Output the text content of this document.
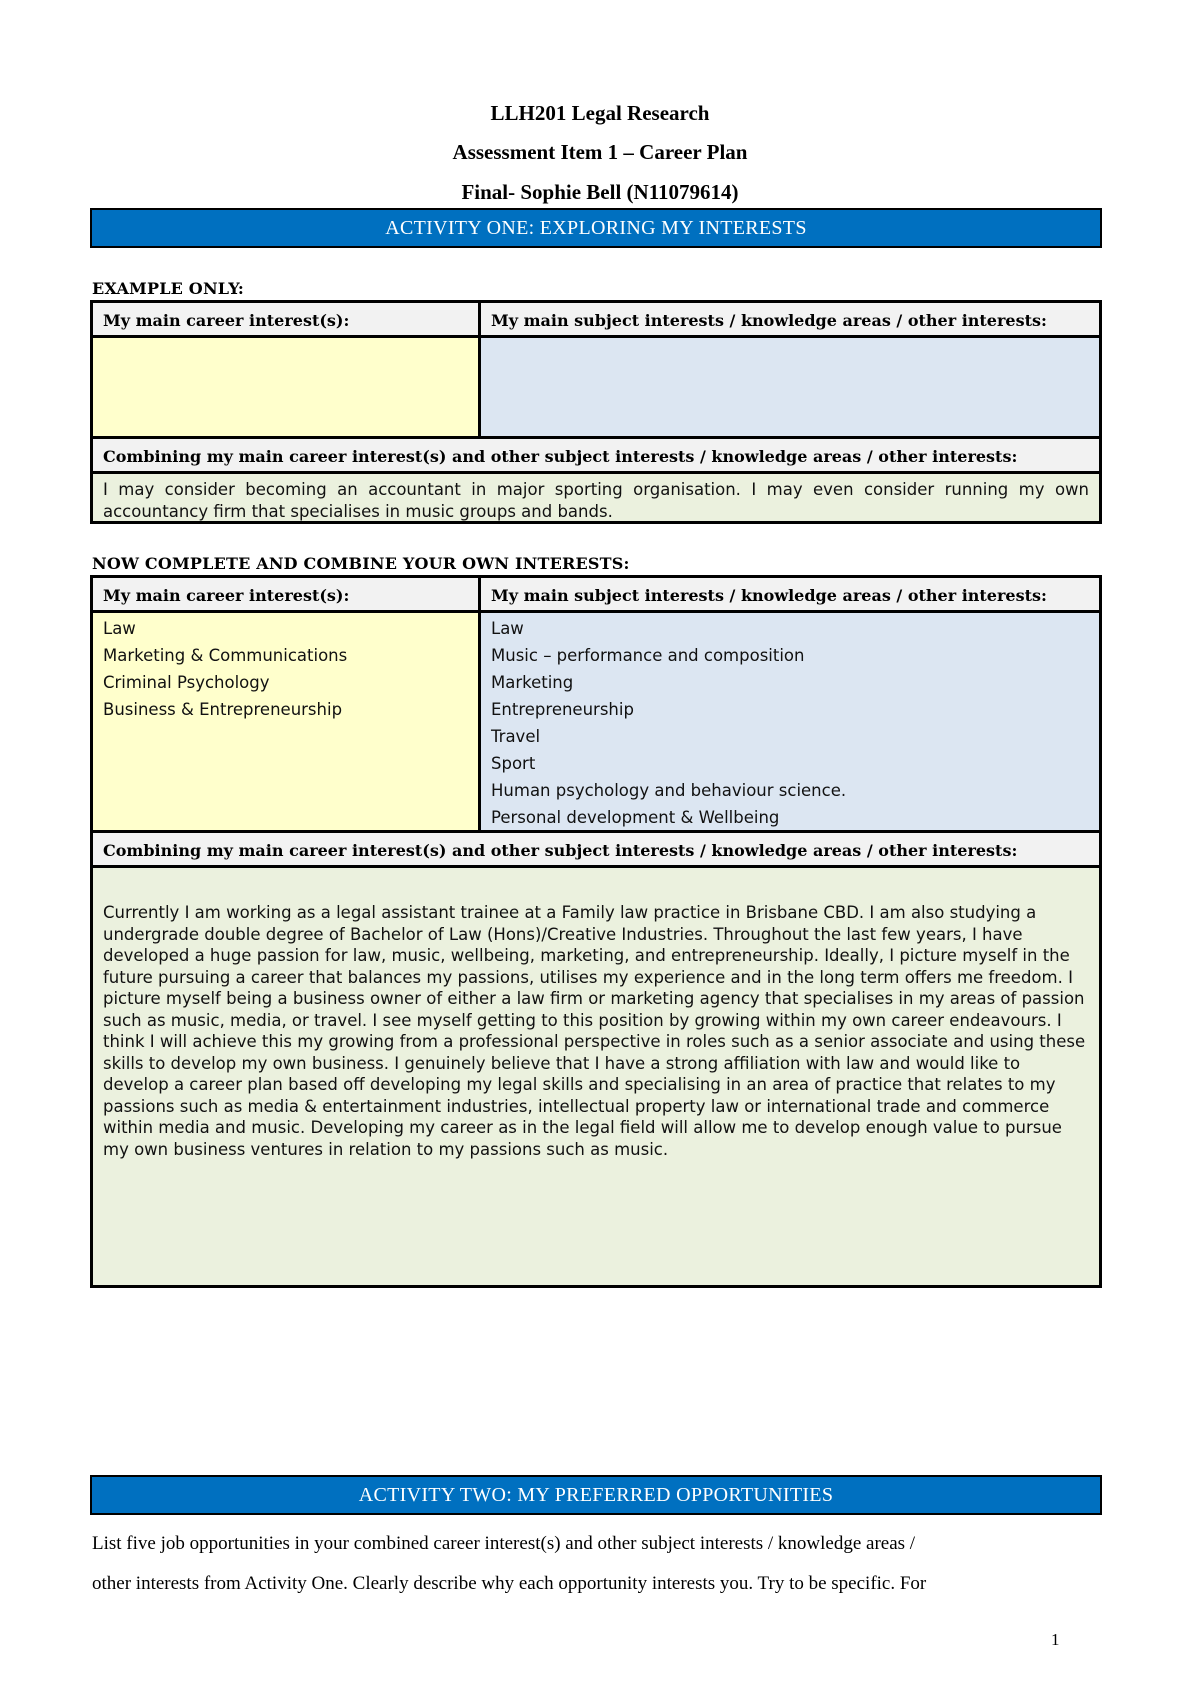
LLH201 Legal Research
Assessment Item 1 – Career Plan
Final- Sophie Bell (N11079614)
ACTIVITY ONE: EXPLORING MY INTERESTS
EXAMPLE ONLY:
My main career interest(s):	My main subject interests / knowledge areas / other interests:
Combining my main career interest(s) and other subject interests / knowledge areas / other interests:
I may consider becoming an accountant in major sporting organisation. I may even consider running my own accountancy firm that specialises in music groups and bands.
NOW COMPLETE AND COMBINE YOUR OWN INTERESTS:
My main career interest(s):	My main subject interests / knowledge areas / other interests:
Law
Marketing & Communications
Criminal Psychology
Business & Entrepreneurship
Law
Music – performance and composition
Marketing
Entrepreneurship
Travel
Sport
Human psychology and behaviour science.
Personal development & Wellbeing
Combining my main career interest(s) and other subject interests / knowledge areas / other interests:
Currently I am working as a legal assistant trainee at a Family law practice in Brisbane CBD. I am also studying a undergrade double degree of Bachelor of Law (Hons)/Creative Industries. Throughout the last few years, I have developed a huge passion for law, music, wellbeing, marketing, and entrepreneurship. Ideally, I picture myself in the future pursuing a career that balances my passions, utilises my experience and in the long term offers me freedom. I picture myself being a business owner of either a law firm or marketing agency that specialises in my areas of passion such as music, media, or travel. I see myself getting to this position by growing within my own career endeavours. I think I will achieve this my growing from a professional perspective in roles such as a senior associate and using these skills to develop my own business. I genuinely believe that I have a strong affiliation with law and would like to develop a career plan based off developing my legal skills and specialising in an area of practice that relates to my passions such as media & entertainment industries, intellectual property law or international trade and commerce within media and music. Developing my career as in the legal field will allow me to develop enough value to pursue my own business ventures in relation to my passions such as music.
ACTIVITY TWO: MY PREFERRED OPPORTUNITIES
List five job opportunities in your combined career interest(s) and other subject interests / knowledge areas /
other interests from Activity One. Clearly describe why each opportunity interests you. Try to be specific. For
1
